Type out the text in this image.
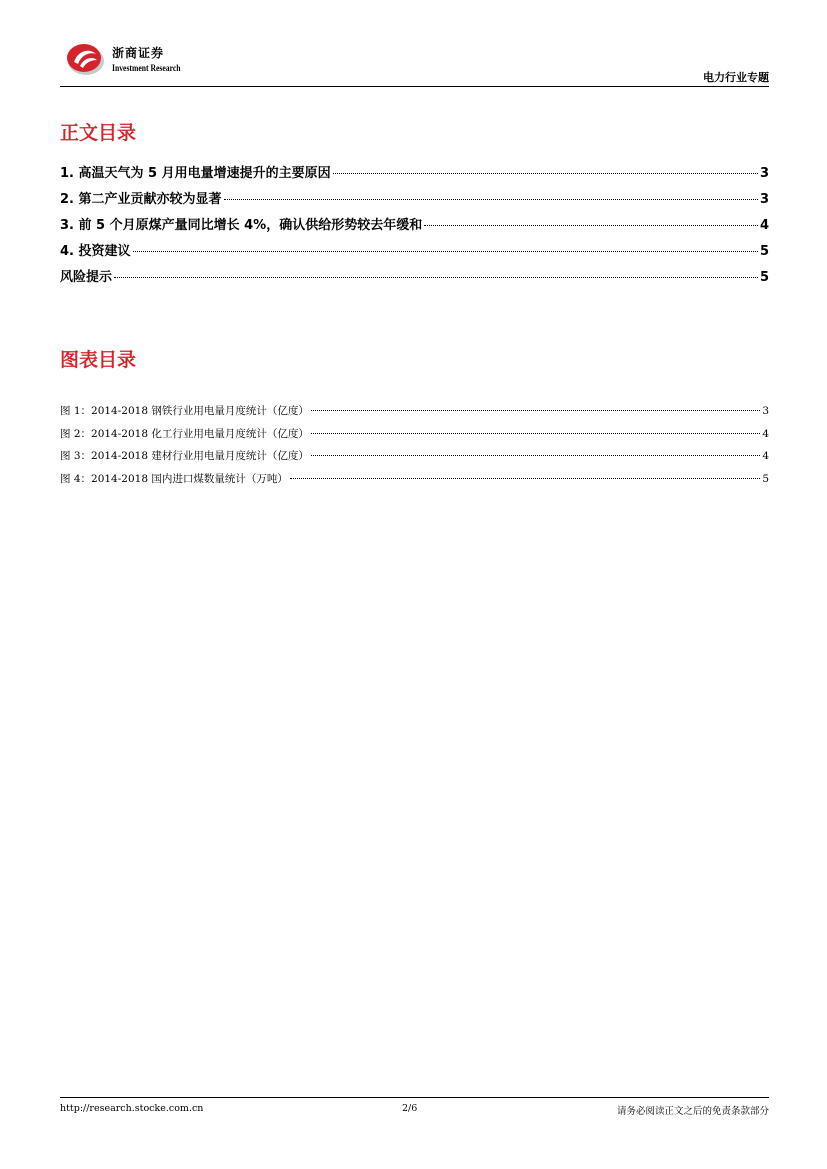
浙商证券
Investment Research
电力行业专题
正文目录
1. 高温天气为 5 月用电量增速提升的主要原因	3
2. 第二产业贡献亦较为显著	3
3. 前 5 个月原煤产量同比增长 4%，确认供给形势较去年缓和	4
4. 投资建议	5
风险提示	5
图表目录
图 1：2014-2018 钢铁行业用电量月度统计（亿度）	3
图 2：2014-2018 化工行业用电量月度统计（亿度）	4
图 3：2014-2018 建材行业用电量月度统计（亿度）	4
图 4：2014-2018 国内进口煤数量统计（万吨）	5
http://research.stocke.com.cn	2/6	请务必阅读正文之后的免责条款部分
